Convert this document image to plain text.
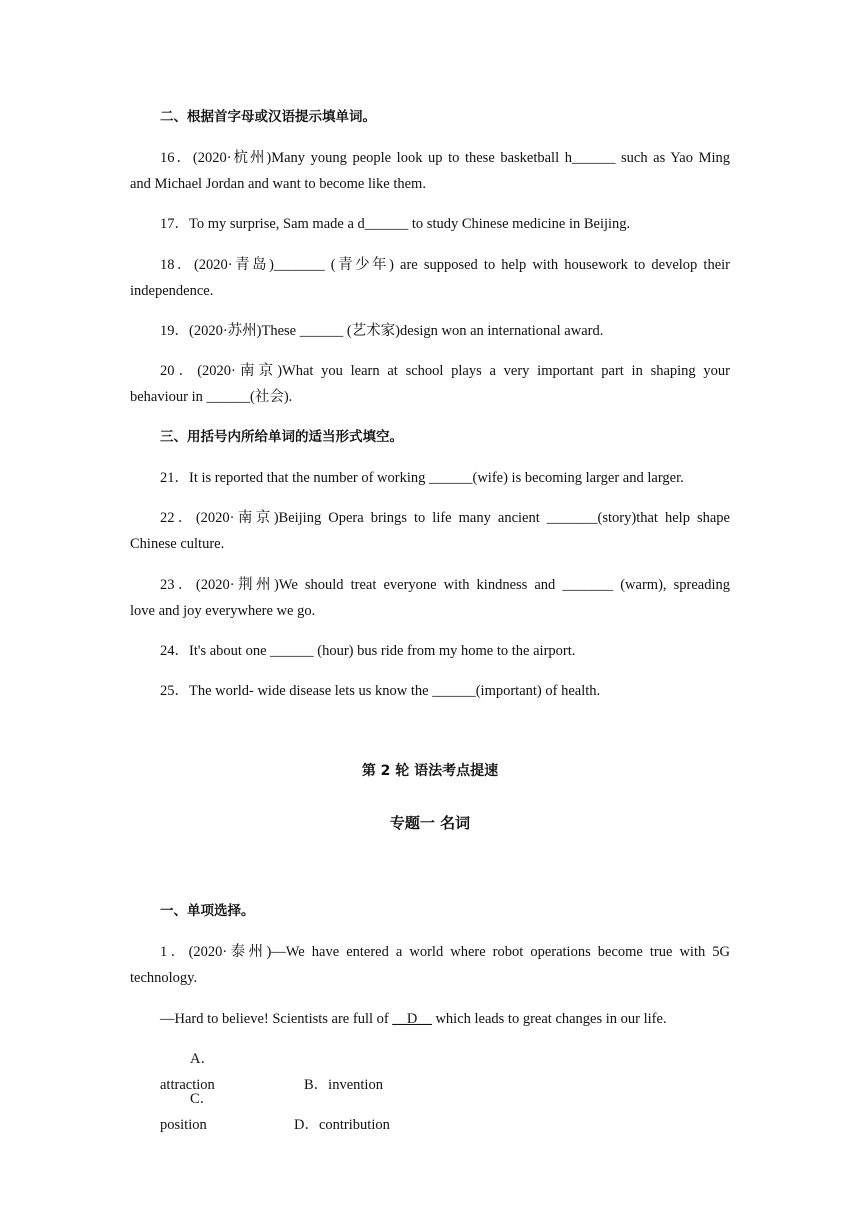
二、根据首字母或汉语提示填单词。
16．(2020·杭州)Many young people look up to these basketball h______ such as Yao Ming
and Michael Jordan and want to become like them.
17．To my surprise, Sam made a d______ to study Chinese medicine in Beijing.
18．(2020·青岛)_______ (青少年) are supposed to help with housework to develop their
independence.
19．(2020·苏州)These ______ (艺术家)design won an international award.
20．(2020·南京)What you learn at school plays a very important part in shaping your
behaviour in ______(社会).
三、用括号内所给单词的适当形式填空。
21．It is reported that the number of working ______(wife) is becoming larger and larger.
22．(2020·南京)Beijing Opera brings to life many ancient _______(story)that help shape
Chinese culture.
23．(2020·荆州)We should treat everyone with kindness and _______ (warm), spreading
love and joy everywhere we go.
24．It's about one ______ (hour) bus ride from my home to the airport.
25．The world- wide disease lets us know the ______(important) of health.
第 2 轮 语法考点提速
专题一 名词
一、单项选择。
1．(2020·泰州)—We have entered a world where robot operations become true with 5G
technology.
—Hard to believe! Scientists are full of __D__ which leads to great changes in our life.
A．attraction	B．invention
C．position	D．contribution
